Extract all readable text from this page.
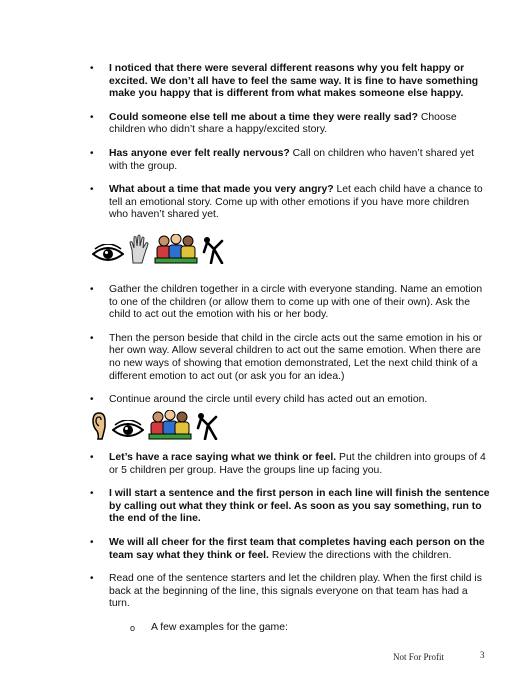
• I noticed that there were several different reasons why you felt happy or excited. We don’t all have to feel the same way. It is fine to have something make you happy that is different from what makes someone else happy.
• Could someone else tell me about a time they were really sad? Choose children who didn’t share a happy/excited story.
• Has anyone ever felt really nervous? Call on children who haven’t shared yet with the group.
• What about a time that made you very angry? Let each child have a chance to tell an emotional story. Come up with other emotions if you have more children who haven’t shared yet.
• Gather the children together in a circle with everyone standing. Name an emotion to one of the children (or allow them to come up with one of their own). Ask the child to act out the emotion with his or her body.
• Then the person beside that child in the circle acts out the same emotion in his or her own way. Allow several children to act out the same emotion. When there are no new ways of showing that emotion demonstrated, Let the next child think of a different emotion to act out (or ask you for an idea.)
• Continue around the circle until every child has acted out an emotion.
• Let’s have a race saying what we think or feel. Put the children into groups of 4 or 5 children per group. Have the groups line up facing you.
• I will start a sentence and the first person in each line will finish the sentence by calling out what they think or feel. As soon as you say something, run to the end of the line.
• We will all cheer for the first team that completes having each person on the team say what they think or feel. Review the directions with the children.
• Read one of the sentence starters and let the children play. When the first child is back at the beginning of the line, this signals everyone on that team has had a turn.
o A few examples for the game:
Not For Profit	3
